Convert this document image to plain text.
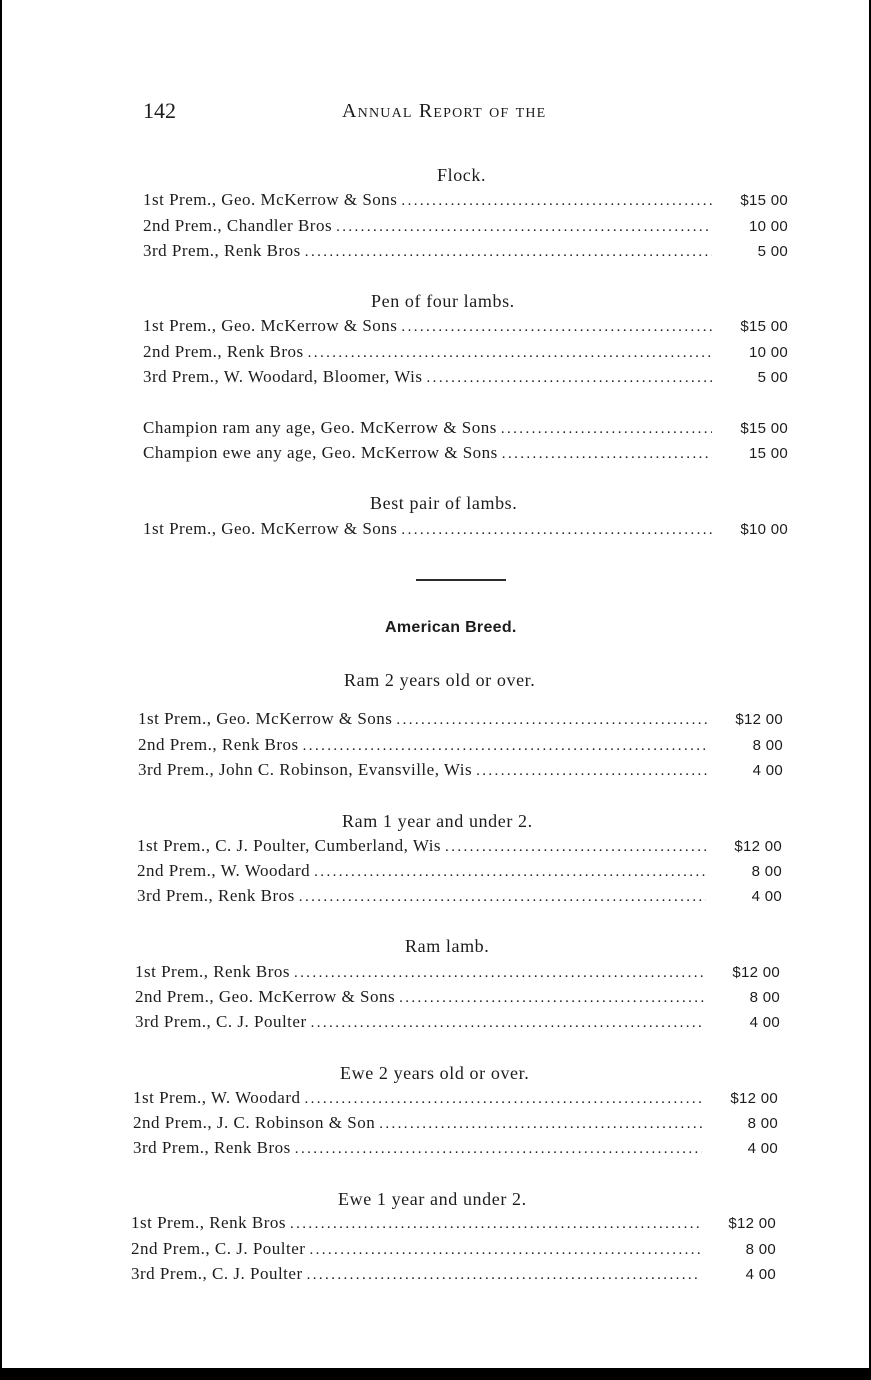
142	Annual Report of the
Flock.
1st Prem., Geo. McKerrow & Sons .....	$15 00
2nd Prem., Chandler Bros .....	10 00
3rd Prem., Renk Bros .....	5 00
Pen of four lambs.
1st Prem., Geo. McKerrow & Sons .....	$15 00
2nd Prem., Renk Bros .....	10 00
3rd Prem., W. Woodard, Bloomer, Wis .....	5 00
Champion ram any age, Geo. McKerrow & Sons .....	$15 00
Champion ewe any age, Geo. McKerrow & Sons .....	15 00
Best pair of lambs.
1st Prem., Geo. McKerrow & Sons .....	$10 00
American Breed.
Ram 2 years old or over.
1st Prem., Geo. McKerrow & Sons .....	$12 00
2nd Prem., Renk Bros .....	8 00
3rd Prem., John C. Robinson, Evansville, Wis .....	4 00
Ram 1 year and under 2.
1st Prem., C. J. Poulter, Cumberland, Wis .....	$12 00
2nd Prem., W. Woodard .....	8 00
3rd Prem., Renk Bros .....	4 00
Ram lamb.
1st Prem., Renk Bros .....	$12 00
2nd Prem., Geo. McKerrow & Sons .....	8 00
3rd Prem., C. J. Poulter .....	4 00
Ewe 2 years old or over.
1st Prem., W. Woodard .....	$12 00
2nd Prem., J. C. Robinson & Son .....	8 00
3rd Prem., Renk Bros .....	4 00
Ewe 1 year and under 2.
1st Prem., Renk Bros .....	$12 00
2nd Prem., C. J. Poulter .....	8 00
3rd Prem., C. J. Poulter .....	4 00
